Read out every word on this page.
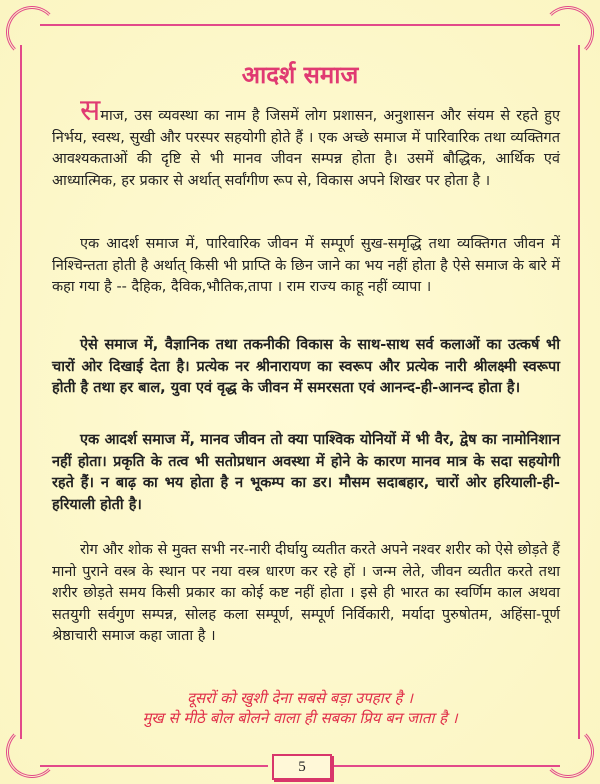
आदर्श समाज
समाज, उस व्यवस्था का नाम है जिसमें लोग प्रशासन, अनुशासन और संयम से रहते हुए निर्भय, स्वस्थ, सुखी और परस्पर सहयोगी होते हैं । एक अच्छे समाज में पारिवारिक तथा व्यक्तिगत आवश्यकताओं की दृष्टि से भी मानव जीवन सम्पन्न होता है। उसमें बौद्धिक, आर्थिक एवं आध्यात्मिक, हर प्रकार से अर्थात् सर्वांगीण रूप से, विकास अपने शिखर पर होता है ।
एक आदर्श समाज में, पारिवारिक जीवन में सम्पूर्ण सुख-समृद्धि तथा व्यक्तिगत जीवन में निश्चिन्तता होती है अर्थात् किसी भी प्राप्ति के छिन जाने का भय नहीं होता है ऐसे समाज के बारे में कहा गया है -- दैहिक, दैविक,भौतिक,तापा । राम राज्य काहू नहीं व्यापा ।
ऐसे समाज में, वैज्ञानिक तथा तकनीकी विकास के साथ-साथ सर्व कलाओं का उत्कर्ष भी चारों ओर दिखाई देता है। प्रत्येक नर श्रीनारायण का स्वरूप और प्रत्येक नारी श्रीलक्ष्मी स्वरूपा होती है तथा हर बाल, युवा एवं वृद्ध के जीवन में समरसता एवं आनन्द-ही-आनन्द होता है।
एक आदर्श समाज में, मानव जीवन तो क्या पाश्विक योनियों में भी वैर, द्वेष का नामोनिशान नहीं होता। प्रकृति के तत्व भी सतोप्रधान अवस्था में होने के कारण मानव मात्र के सदा सहयोगी रहते हैं। न बाढ़ का भय होता है न भूकम्प का डर। मौसम सदाबहार, चारों ओर हरियाली-ही-हरियाली होती है।
रोग और शोक से मुक्त सभी नर-नारी दीर्घायु व्यतीत करते अपने नश्वर शरीर को ऐसे छोड़ते हैं मानो पुराने वस्त्र के स्थान पर नया वस्त्र धारण कर रहे हों । जन्म लेते, जीवन व्यतीत करते तथा शरीर छोड़ते समय किसी प्रकार का कोई कष्ट नहीं होता । इसे ही भारत का स्वर्णिम काल अथवा सतयुगी सर्वगुण सम्पन्न, सोलह कला सम्पूर्ण, सम्पूर्ण निर्विकारी, मर्यादा पुरुषोतम, अहिंसा-पूर्ण श्रेष्ठाचारी समाज कहा जाता है ।
दूसरों को खुशी देना सबसे बड़ा उपहार है ।
मुख से मीठे बोल बोलने वाला ही सबका प्रिय बन जाता है ।
5
